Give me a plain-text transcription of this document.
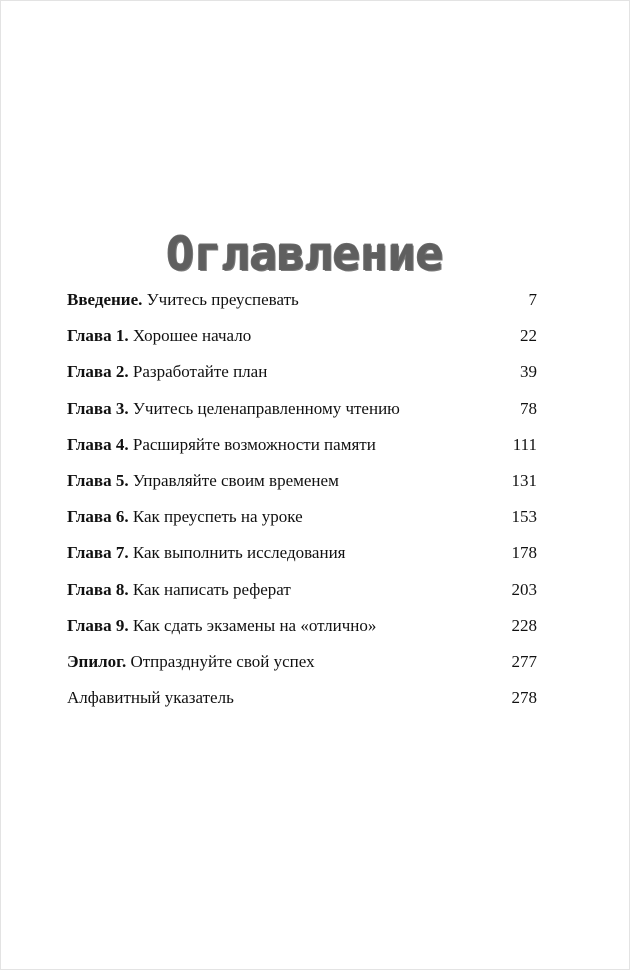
Оглавление
Введение. Учитесь преуспевать	7
Глава 1. Хорошее начало	22
Глава 2. Разработайте план	39
Глава 3. Учитесь целенаправленному чтению	78
Глава 4. Расширяйте возможности памяти	111
Глава 5. Управляйте своим временем	131
Глава 6. Как преуспеть на уроке	153
Глава 7. Как выполнить исследования	178
Глава 8. Как написать реферат	203
Глава 9. Как сдать экзамены на «отлично»	228
Эпилог. Отпразднуйте свой успех	277
Алфавитный указатель	278
